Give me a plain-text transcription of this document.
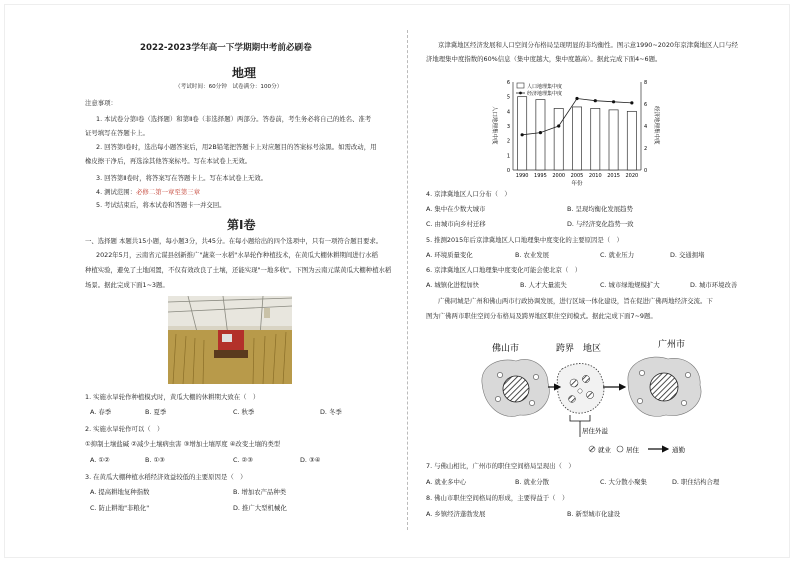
2022-2023学年高一下学期期中考前必刷卷
地理
（考试时间：60分钟　试卷满分：100分）
注意事项：
1. 本试卷分第Ⅰ卷（选择题）和第Ⅱ卷（非选择题）两部分。答卷前，考生务必将自己的姓名、准考
证号填写在答题卡上。
2. 回答第Ⅰ卷时，选出每小题答案后，用2B铅笔把答题卡上对应题目的答案标号涂黑。如需改动，用
橡皮擦干净后，再选涂其他答案标号。写在本试卷上无效。
3. 回答第Ⅱ卷时，将答案写在答题卡上。写在本试卷上无效。
4. 测试范围：必修二第一章至第三章
5. 考试结束后，将本试卷和答题卡一并交回。
第Ⅰ卷
一、选择题 本题共15小题，每小题3分，共45分。在每小题给出的四个选项中，只有一项符合题目要求。
2022年5月，云南省元谋县创新推广"蔬菜一水稻"水旱轮作种植技术，在黄瓜大棚休耕期间进行水稻
种植实验，避免了土地闲置，不仅有效改良了土壤，还能实现"一地多收"。下图为云南元谋黄瓜大棚种植水稻
场景。据此完成下面1~3题。
1. 实施水旱轮作种植模式时，黄瓜大棚的休耕期大致在（　）
A. 春季	B. 夏季	C. 秋季	D. 冬季
2. 实施水旱轮作可以（　）
①抑制土壤盐碱 ②减少土壤病虫害 ③增加土壤厚度 ④改变土壤的类型
A. ①②	B. ①③	C. ②③	D. ③④
3. 在黄瓜大棚种植水稻经济效益较低的主要原因是（　）
A. 提高耕地复种指数	B. 增加农产品种类
C. 防止耕地"非粮化"	D. 推广大型机械化
京津冀地区经济发展和人口空间分布格局呈现明显的非均衡性。图示意1990~2020年京津冀地区人口与经
济地理集中度指数的60%信息（集中度越大，集中度越高）。据此完成下面4~6题。
0
1
2
3
4
5
6
0
2
4
6
8
1990 1995 2000 2005 2010 2015 2020
人口地理集中度
经济地理集中度
人口地理集中度	经济地理集中度
年份
4. 京津冀地区人口分布（　）
A. 集中在少数大城市	B. 呈现均衡化发展趋势
C. 由城市向乡村迁移	D. 与经济变化趋势一致
5. 推测2015年后京津冀地区人口地理集中度变化的主要原因是（　）
A. 环境质量变化	B. 农业发展	C. 就业压力	D. 交通拥堵
6. 京津冀地区人口地理集中度变化可能会使北京（　）
A. 城镇化进程加快	B. 人才大量流失	C. 城市绿地规模扩大	D. 城市环境改善
广佛同城是广州和佛山两市行政协调发展，进行区域一体化建设，旨在促进广佛两地经济交流。下
图为广佛两市职住空间分布格局及跨界地区职住空间模式。据此完成下面7~9题。
佛山市	跨界　地区	广州市
居住外溢
就业 居住	通勤
7. 与佛山相比，广州市的职住空间格局呈现出（　）
A. 就业多中心	B. 就业分散	C. 大分散小聚集	D. 职住结构合理
8. 佛山市职住空间格局的形成，主要得益于（　）
A. 乡镇经济蓬勃发展	B. 新型城市化建设
